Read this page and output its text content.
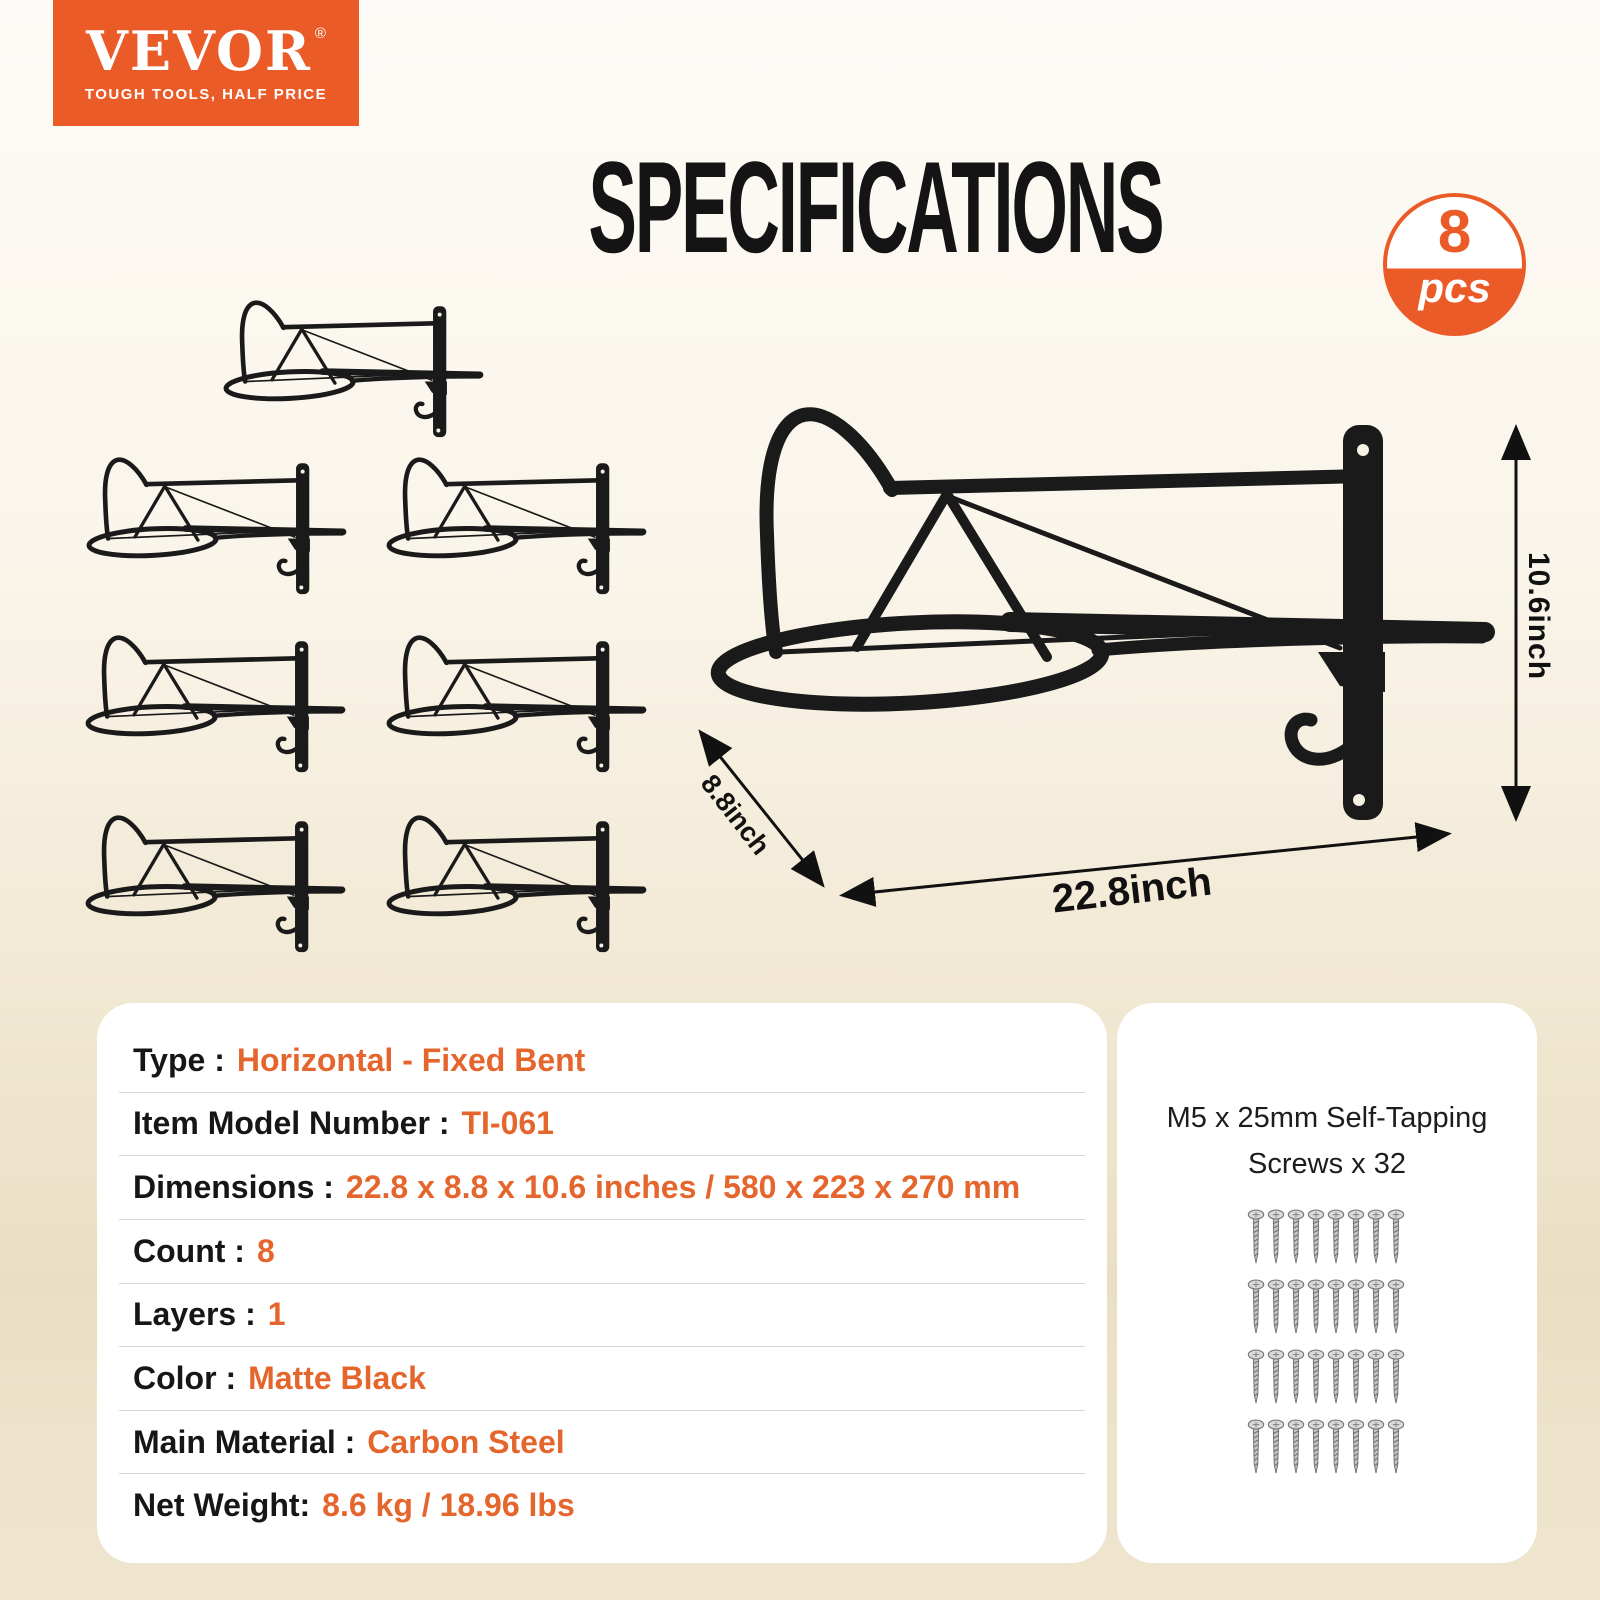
VEVOR ®
TOUGH TOOLS, HALF PRICE
SPECIFICATIONS	8
pcs
10.6inch
8.8inch
22.8inch
Type : Horizontal - Fixed Bent
Item Model Number : TI-061
Dimensions : 22.8 x 8.8 x 10.6 inches / 580 x 223 x 270 mm
Count : 8
Layers : 1
Color : Matte Black
Main Material : Carbon Steel
Net Weight: 8.6 kg / 18.96 lbs
M5 x 25mm Self-Tapping
Screws x 32
